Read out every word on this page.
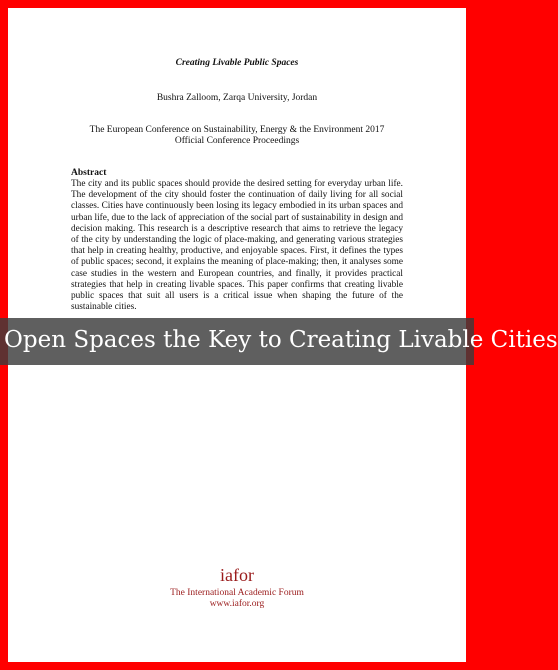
Creating Livable Public Spaces
Bushra Zalloom, Zarqa University, Jordan
The European Conference on Sustainability, Energy & the Environment 2017
Official Conference Proceedings
Abstract
The city and its public spaces should provide the desired setting for everyday urban life. The development of the city should foster the continuation of daily living for all social classes. Cities have continuously been losing its legacy embodied in its urban spaces and urban life, due to the lack of appreciation of the social part of sustainability in design and decision making. This research is a descriptive research that aims to retrieve the legacy of the city by understanding the logic of place-making, and generating various strategies that help in creating healthy, productive, and enjoyable spaces. First, it defines the types of public spaces; second, it explains the meaning of place-making; then, it analyses some case studies in the western and European countries, and finally, it provides practical strategies that help in creating livable spaces. This paper confirms that creating livable public spaces that suit all users is a critical issue when shaping the future of the sustainable cities.
iafor
The International Academic Forum
www.iafor.org
Open Spaces the Key to Creating Livable Cities
